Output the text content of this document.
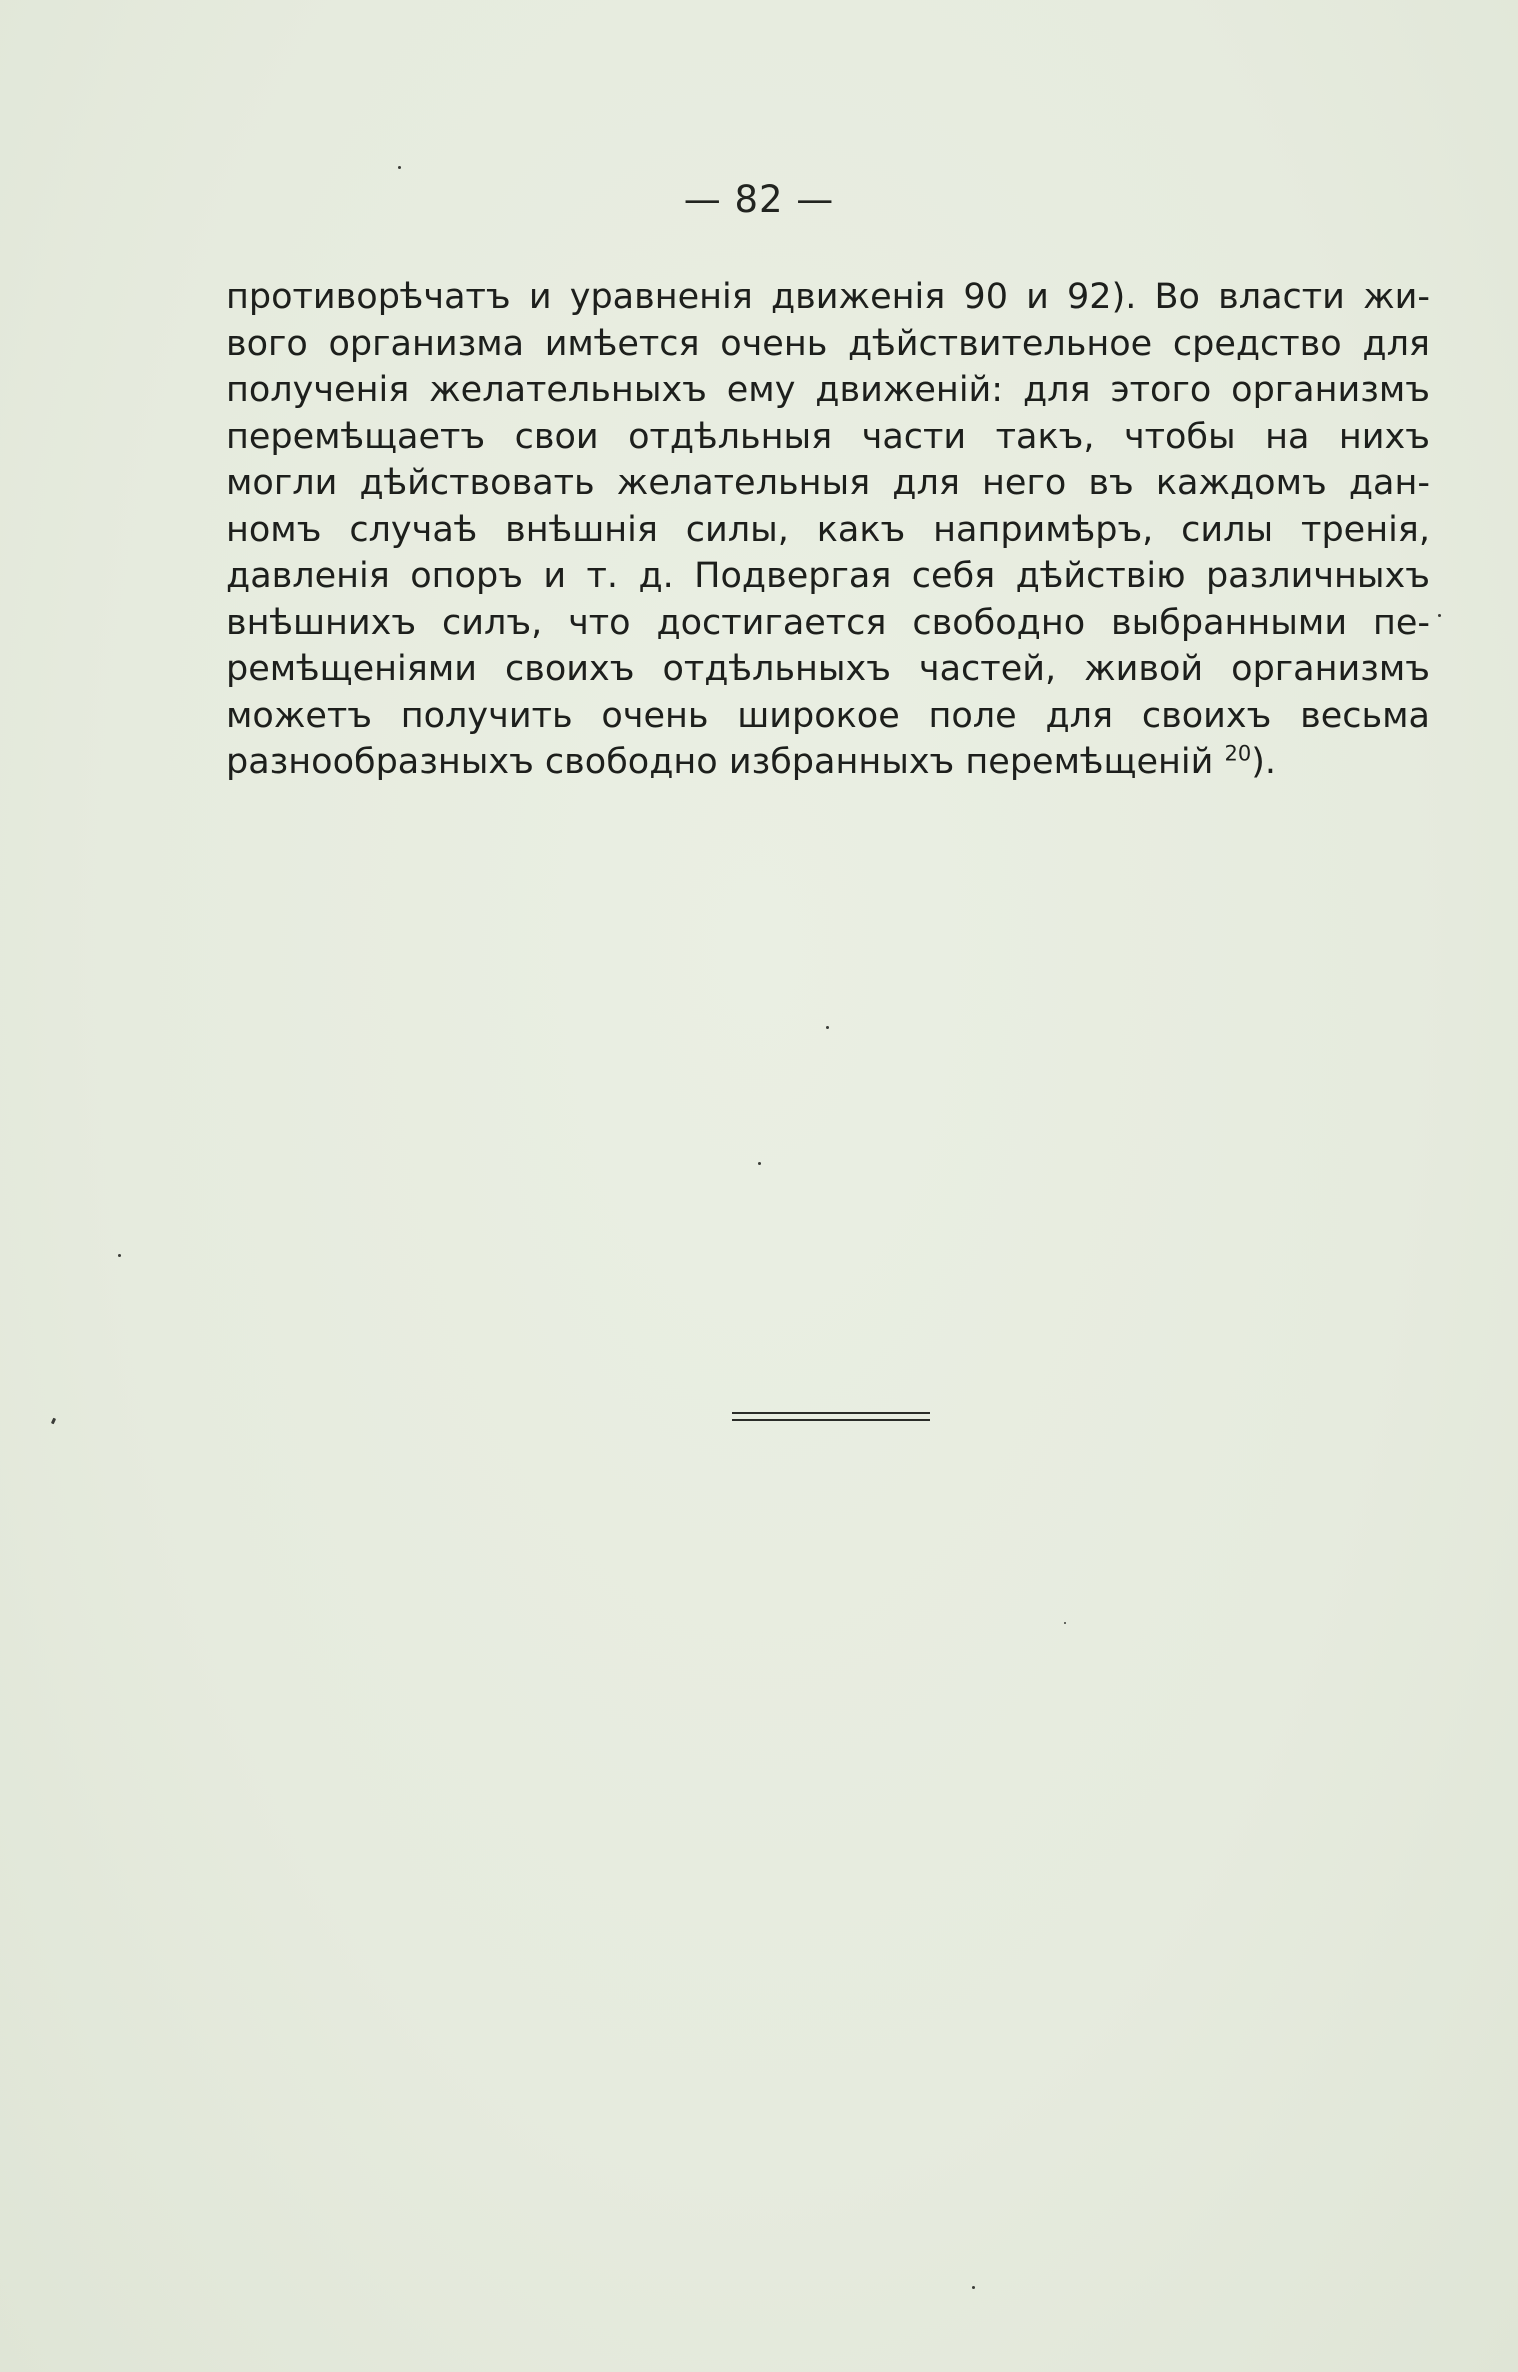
— 82 —
противорѣчатъ и уравненія движенія 90 и 92). Во власти жи-
вого организма имѣется очень дѣйствительное средство для
полученія желательныхъ ему движеній: для этого организмъ
перемѣщаетъ свои отдѣльныя части такъ, чтобы на нихъ
могли дѣйствовать желательныя для него въ каждомъ дан-
номъ случаѣ внѣшнія силы, какъ напримѣръ, силы тренія,
давленія опоръ и т. д. Подвергая себя дѣйствію различныхъ
внѣшнихъ силъ, что достигается свободно выбранными пе-
ремѣщеніями своихъ отдѣльныхъ частей, живой организмъ
можетъ получить очень широкое поле для своихъ весьма
разнообразныхъ свободно избранныхъ перемѣщеній $^{20}$).
